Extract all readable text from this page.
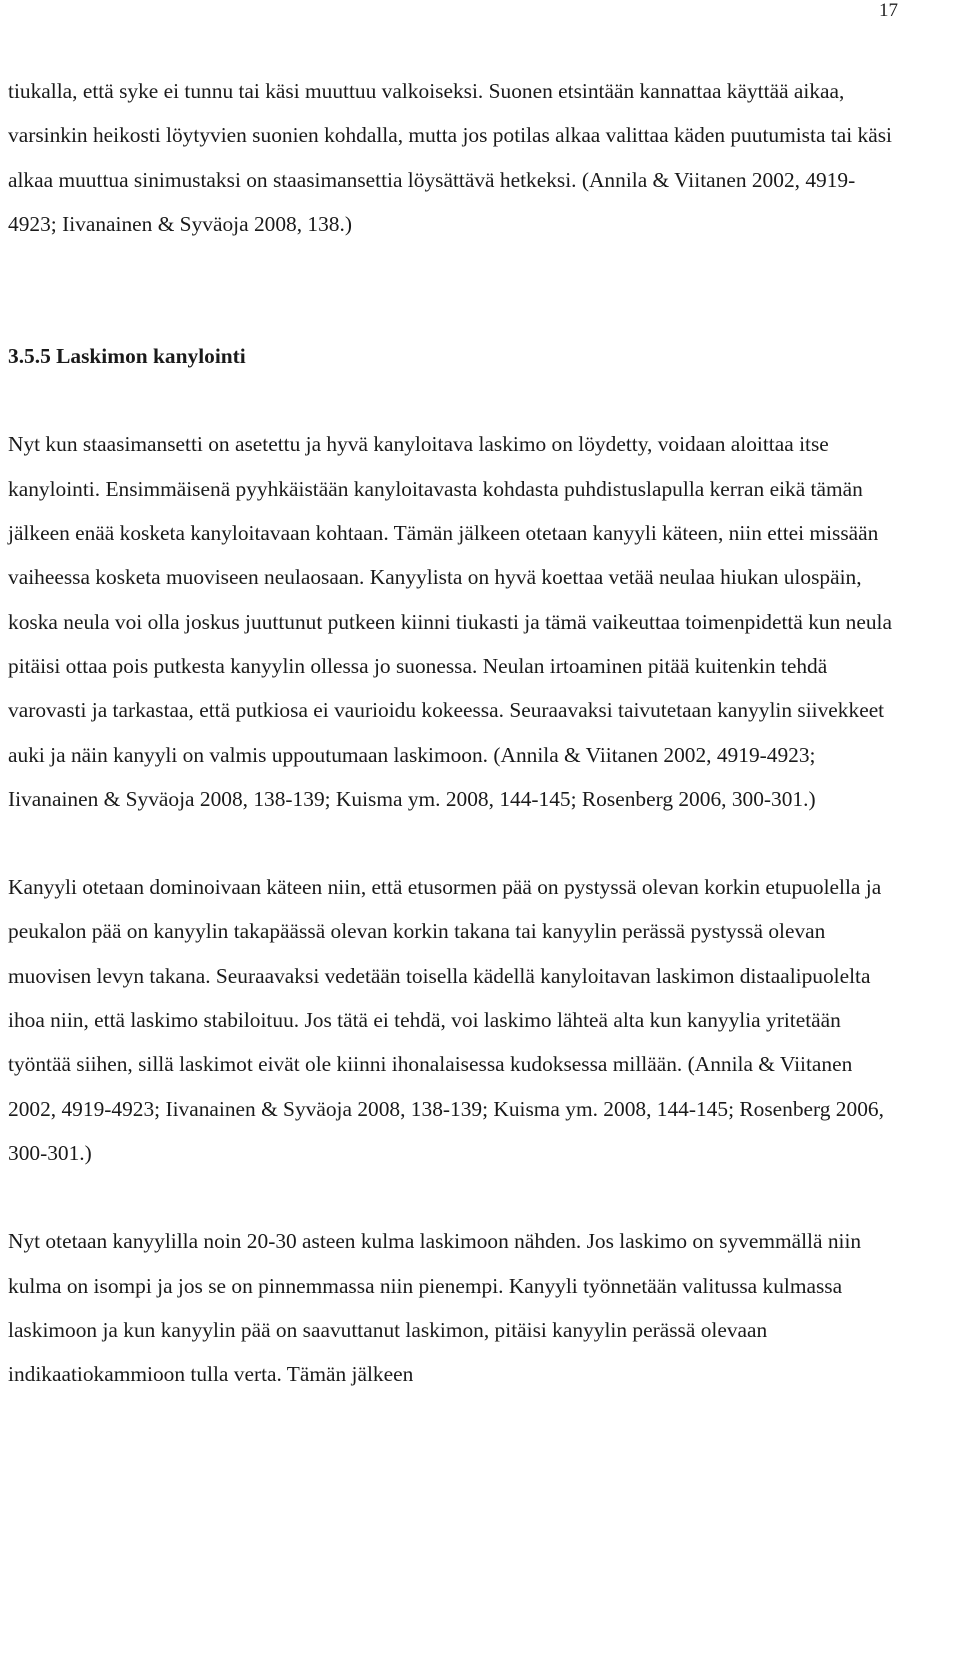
17

tiukalla, että syke ei tunnu tai käsi muuttuu valkoiseksi. Suonen etsintään kannattaa käyttää aikaa, varsinkin heikosti löytyvien suonien kohdalla, mutta jos potilas alkaa valittaa käden puutumista tai käsi alkaa muuttua sinimustaksi on staasimansettia löysättävä hetkeksi. (Annila & Viitanen 2002, 4919-4923; Iivanainen & Syväoja 2008, 138.)

3.5.5 Laskimon kanylointi

Nyt kun staasimansetti on asetettu ja hyvä kanyloitava laskimo on löydetty, voidaan aloittaa itse kanylointi. Ensimmäisenä pyyhkäistään kanyloitavasta kohdasta puhdistuslapulla kerran eikä tämän jälkeen enää kosketa kanyloitavaan kohtaan. Tämän jälkeen otetaan kanyyli käteen, niin ettei missään vaiheessa kosketa muoviseen neulaosaan. Kanyylista on hyvä koettaa vetää neulaa hiukan ulospäin, koska neula voi olla joskus juuttunut putkeen kiinni tiukasti ja tämä vaikeuttaa toimenpidettä kun neula pitäisi ottaa pois putkesta kanyylin ollessa jo suonessa. Neulan irtoaminen pitää kuitenkin tehdä varovasti ja tarkastaa, että putkiosa ei vaurioidu kokeessa. Seuraavaksi taivutetaan kanyylin siivekkeet auki ja näin kanyyli on valmis uppoutumaan laskimoon. (Annila & Viitanen 2002, 4919-4923; Iivanainen & Syväoja 2008, 138-139; Kuisma ym. 2008, 144-145; Rosenberg 2006, 300-301.)

Kanyyli otetaan dominoivaan käteen niin, että etusormen pää on pystyssä olevan korkin etupuolella ja peukalon pää on kanyylin takapäässä olevan korkin takana tai kanyylin perässä pystyssä olevan muovisen levyn takana. Seuraavaksi vedetään toisella kädellä kanyloitavan laskimon distaalipuolelta ihoa niin, että laskimo stabiloituu. Jos tätä ei tehdä, voi laskimo lähteä alta kun kanyylia yritetään työntää siihen, sillä laskimot eivät ole kiinni ihonalaisessa kudoksessa millään. (Annila & Viitanen 2002, 4919-4923; Iivanainen & Syväoja 2008, 138-139; Kuisma ym. 2008, 144-145; Rosenberg 2006, 300-301.)

Nyt otetaan kanyylilla noin 20-30 asteen kulma laskimoon nähden. Jos laskimo on syvemmällä niin kulma on isompi ja jos se on pinnemmassa niin pienempi. Kanyyli työnnetään valitussa kulmassa laskimoon ja kun kanyylin pää on saavuttanut laskimon, pitäisi kanyylin perässä olevaan indikaatiokammioon tulla verta. Tämän jälkeen
